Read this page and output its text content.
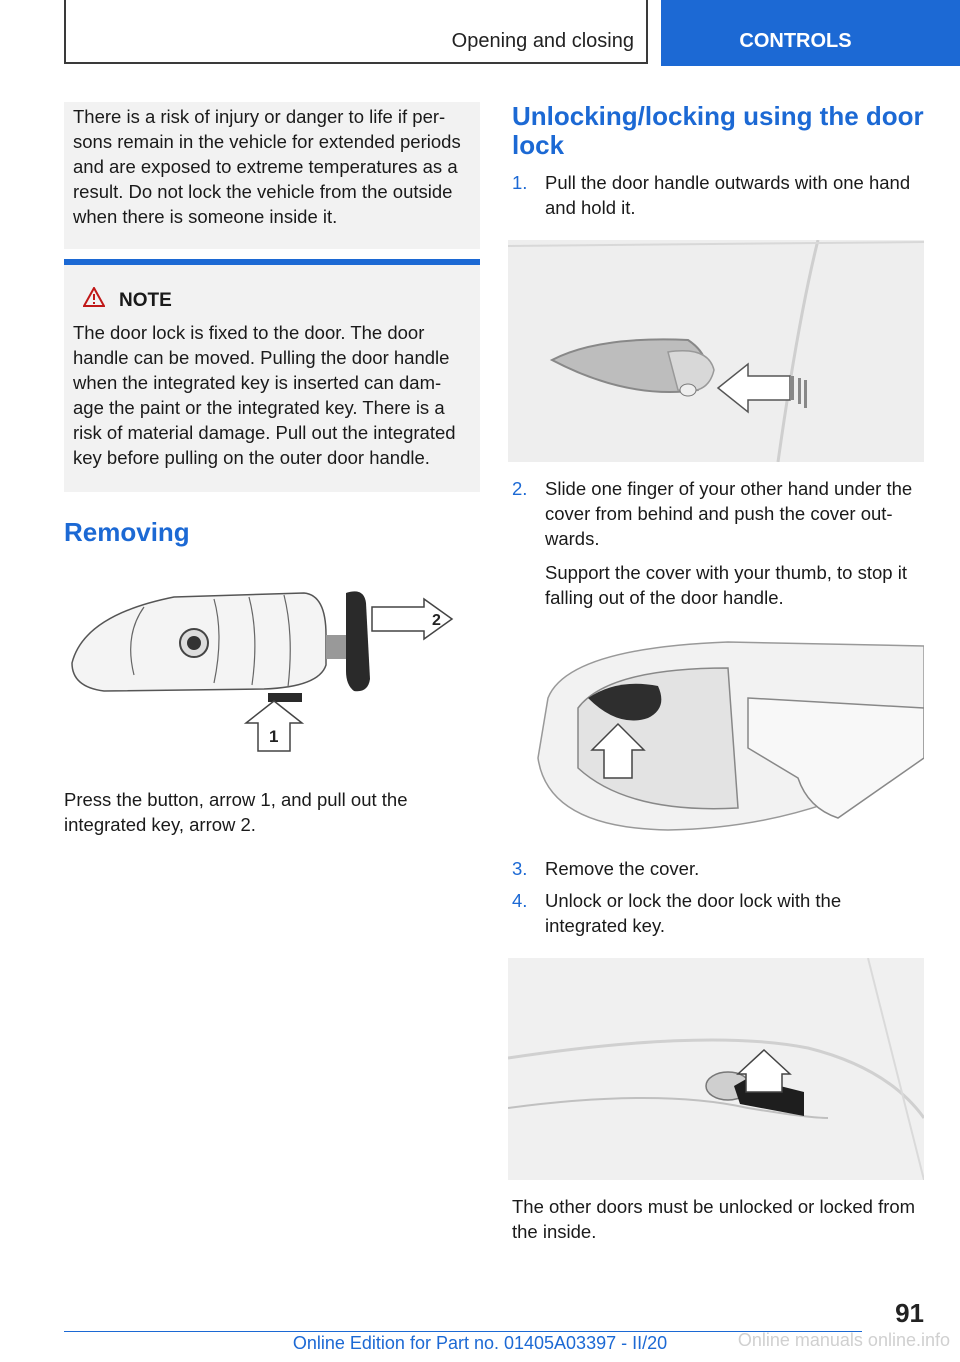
Opening and closing	CONTROLS

There is a risk of injury or danger to life if per-sons remain in the vehicle for extended periods and are exposed to extreme temperatures as a result. Do not lock the vehicle from the outside when there is someone inside it.

NOTE

The door lock is fixed to the door. The door handle can be moved. Pulling the door handle when the integrated key is inserted can dam-age the paint or the integrated key. There is a risk of material damage. Pull out the integrated key before pulling on the outer door handle.

Removing
2
1

Press the button, arrow 1, and pull out the integrated key, arrow 2.

Unlocking/locking using the door lock
1. Pull the door handle outwards with one hand and hold it.
2. Slide one finger of your other hand under the cover from behind and push the cover out-wards.
Support the cover with your thumb, to stop it falling out of the door handle.
3. Remove the cover.
4. Unlock or lock the door lock with the integrated key.

The other doors must be unlocked or locked from the inside.

91
Online Edition for Part no. 01405A03397 - II/20	Online manuals online.info
